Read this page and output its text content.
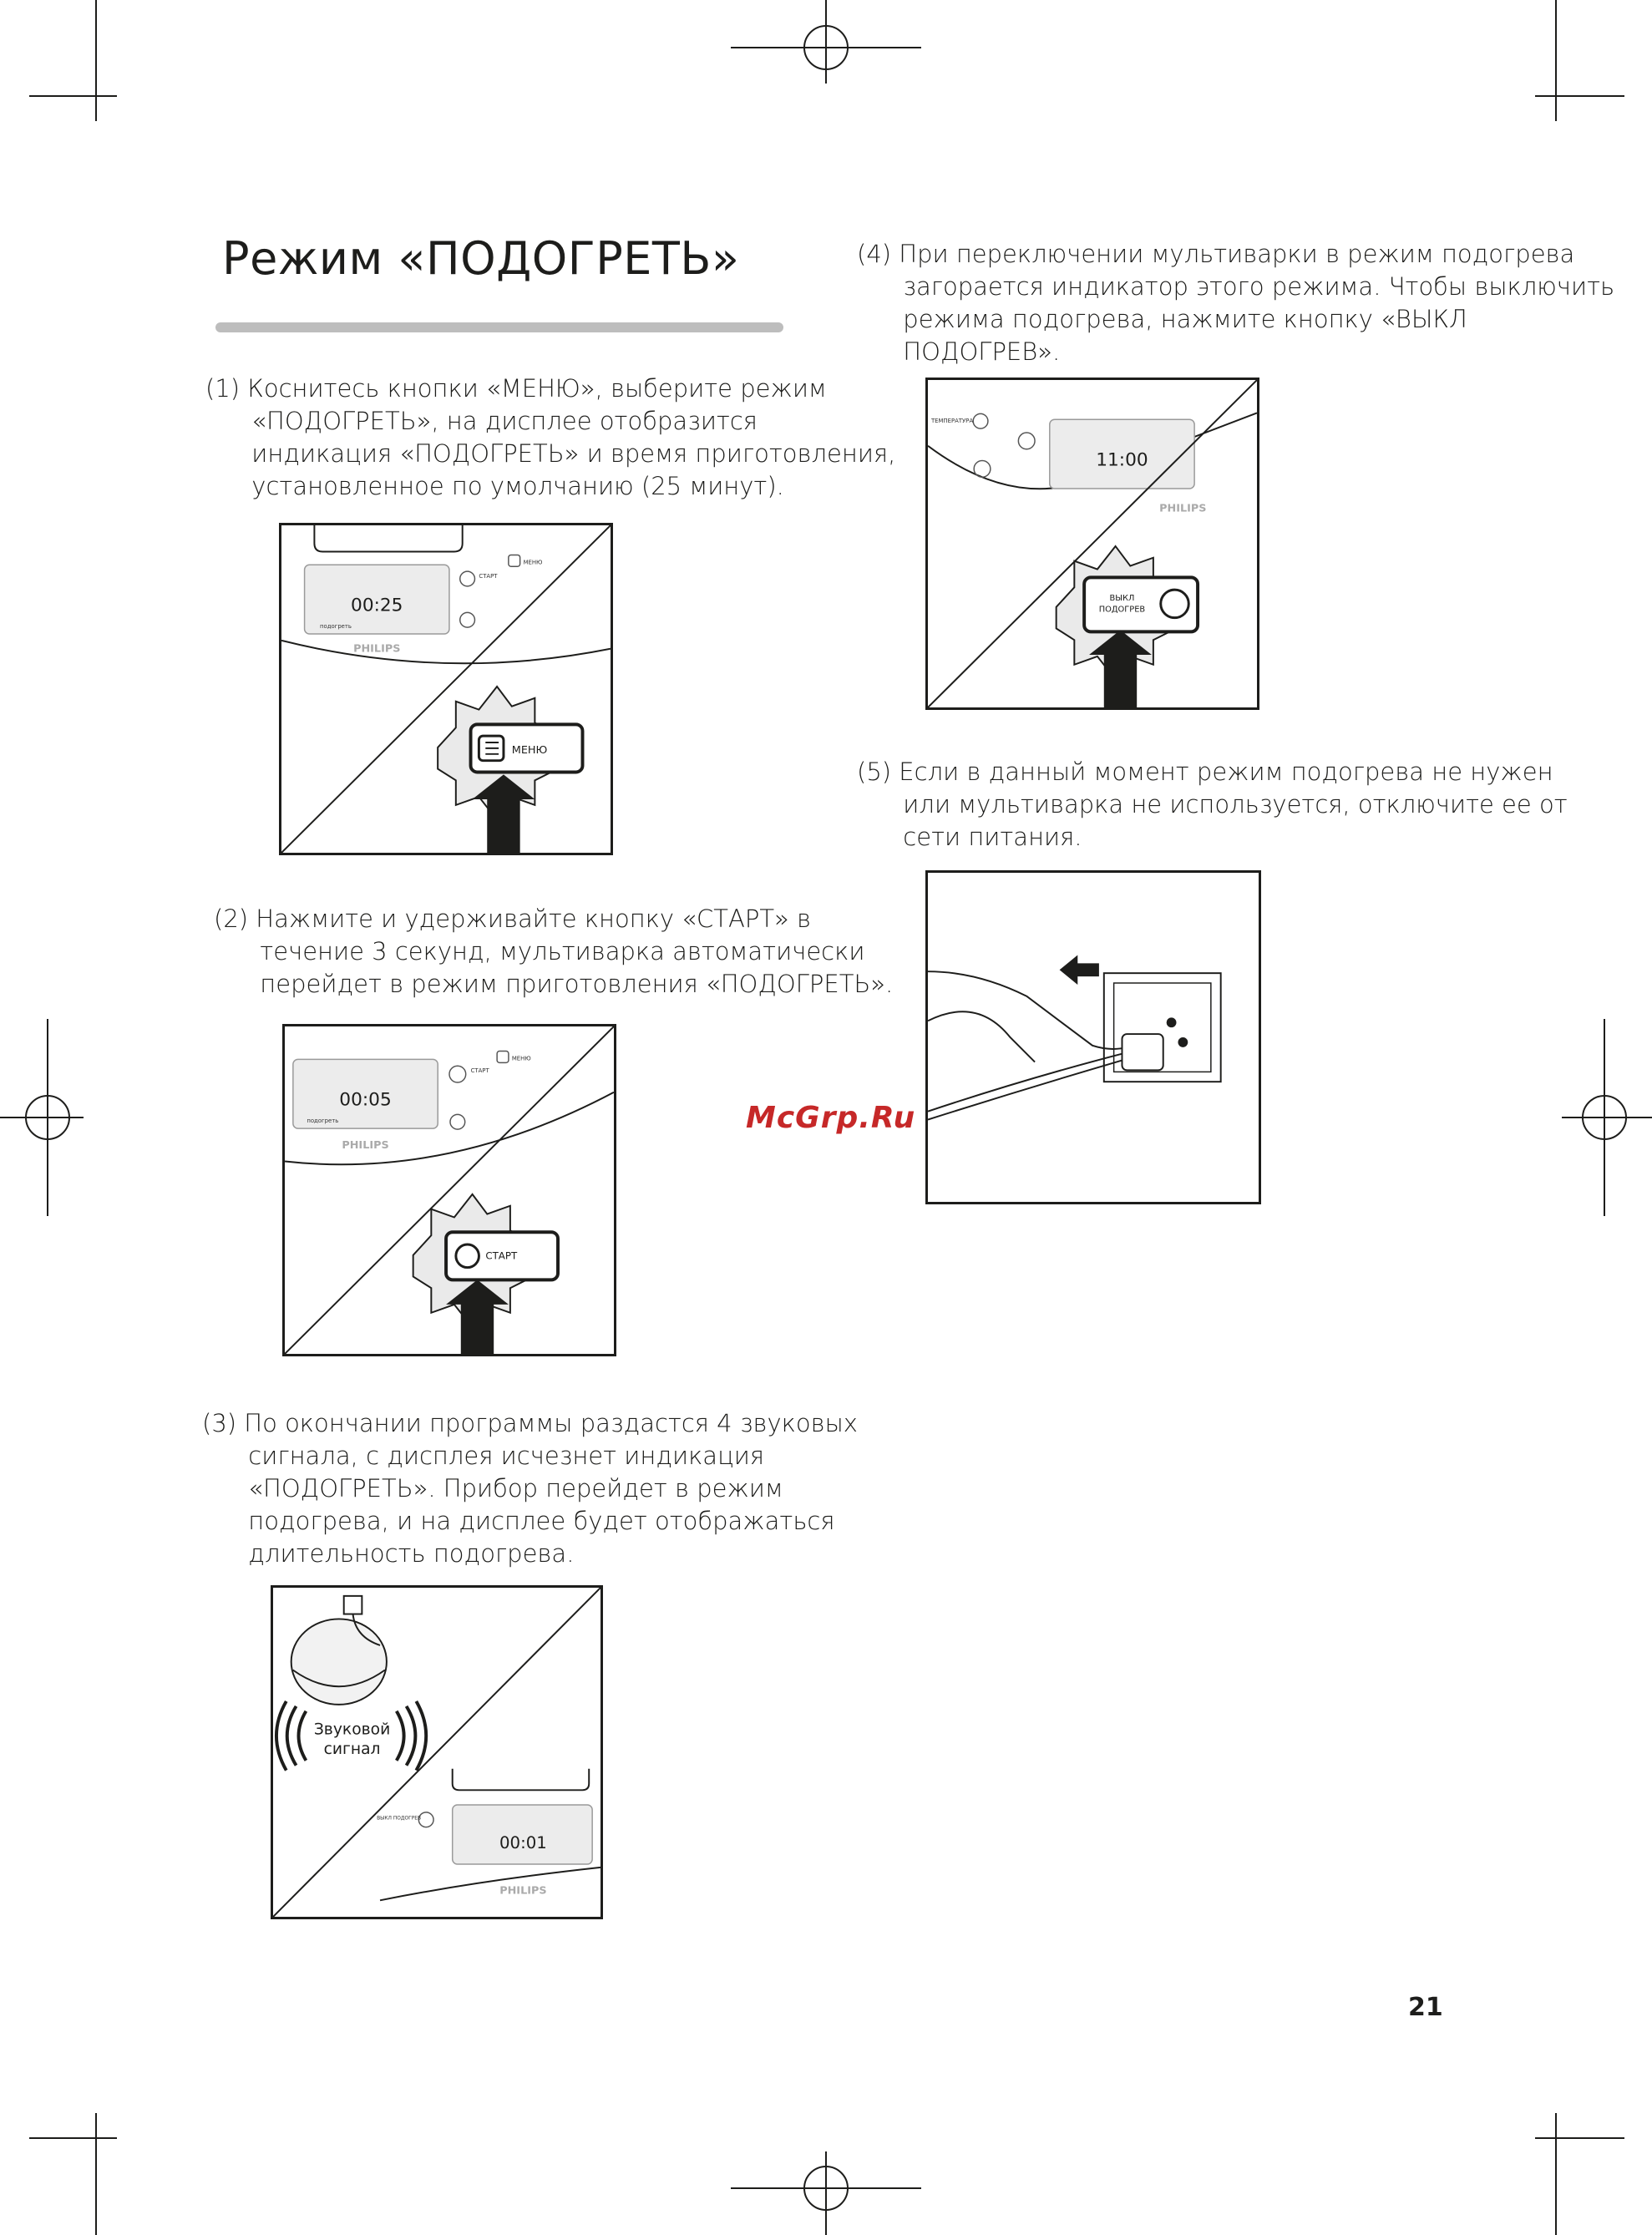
Режим «ПОДОГРЕТЬ»
(1) Коснитесь кнопки «МЕНЮ», выберите режим
«ПОДОГРЕТЬ», на дисплее отобразится
индикация «ПОДОГРЕТЬ» и время приготовления,
установленное по умолчанию (25 минут).
00:25
подогреть
СТАРТ
МЕНЮ
PHILIPS
МЕНЮ
(2) Нажмите и удерживайте кнопку «СТАРТ» в
течение 3 секунд, мультиварка автоматически
перейдет в режим приготовления «ПОДОГРЕТЬ».
00:05
подогреть
СТАРТ
МЕНЮ
PHILIPS
СТАРТ
(3) По окончании программы раздастся 4 звуковых
сигнала, с дисплея исчезнет индикация
«ПОДОГРЕТЬ». Прибор перейдет в режим
подогрева, и на дисплее будет отображаться
длительность подогрева.
Звуковой
сигнал
00:01
ВЫКЛ ПОДОГРЕВ
PHILIPS
(4) При переключении мультиварки в режим подогрева
загорается индикатор этого режима. Чтобы выключить
режима подогрева, нажмите кнопку «ВЫКЛ
ПОДОГРЕВ».
ТЕМПЕРАТУРА
11:00
PHILIPS
ВЫКЛ
ПОДОГРЕВ
(5) Если в данный момент режим подогрева не нужен
или мультиварка не используется, отключите ее от
сети питания.
McGrp.Ru
21
